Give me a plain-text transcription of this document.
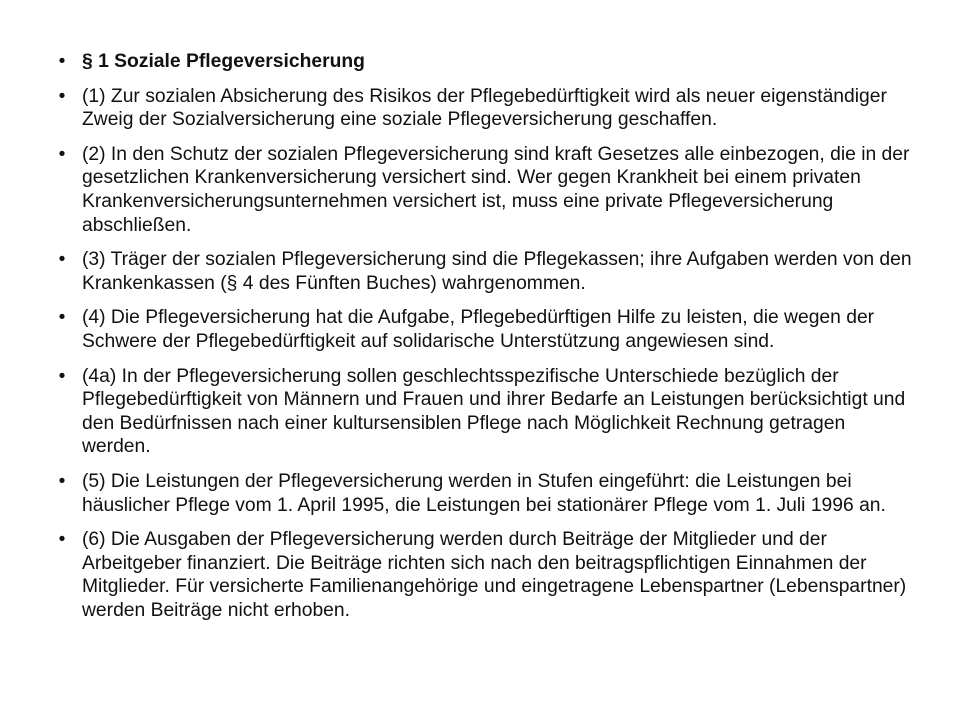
• § 1 Soziale Pflegeversicherung
• (1) Zur sozialen Absicherung des Risikos der Pflegebedürftigkeit wird als neuer eigenständiger Zweig der Sozialversicherung eine soziale Pflegeversicherung geschaffen.
• (2) In den Schutz der sozialen Pflegeversicherung sind kraft Gesetzes alle einbezogen, die in der gesetzlichen Krankenversicherung versichert sind. Wer gegen Krankheit bei einem privaten Krankenversicherungsunternehmen versichert ist, muss eine private Pflegeversicherung abschließen.
• (3) Träger der sozialen Pflegeversicherung sind die Pflegekassen; ihre Aufgaben werden von den Krankenkassen (§ 4 des Fünften Buches) wahrgenommen.
• (4) Die Pflegeversicherung hat die Aufgabe, Pflegebedürftigen Hilfe zu leisten, die wegen der Schwere der Pflegebedürftigkeit auf solidarische Unterstützung angewiesen sind.
• (4a) In der Pflegeversicherung sollen geschlechtsspezifische Unterschiede bezüglich der Pflegebedürftigkeit von Männern und Frauen und ihrer Bedarfe an Leistungen berücksichtigt und den Bedürfnissen nach einer kultursensiblen Pflege nach Möglichkeit Rechnung getragen werden.
• (5) Die Leistungen der Pflegeversicherung werden in Stufen eingeführt: die Leistungen bei häuslicher Pflege vom 1. April 1995, die Leistungen bei stationärer Pflege vom 1. Juli 1996 an.
• (6) Die Ausgaben der Pflegeversicherung werden durch Beiträge der Mitglieder und der Arbeitgeber finanziert. Die Beiträge richten sich nach den beitragspflichtigen Einnahmen der Mitglieder. Für versicherte Familienangehörige und eingetragene Lebenspartner (Lebenspartner) werden Beiträge nicht erhoben.
